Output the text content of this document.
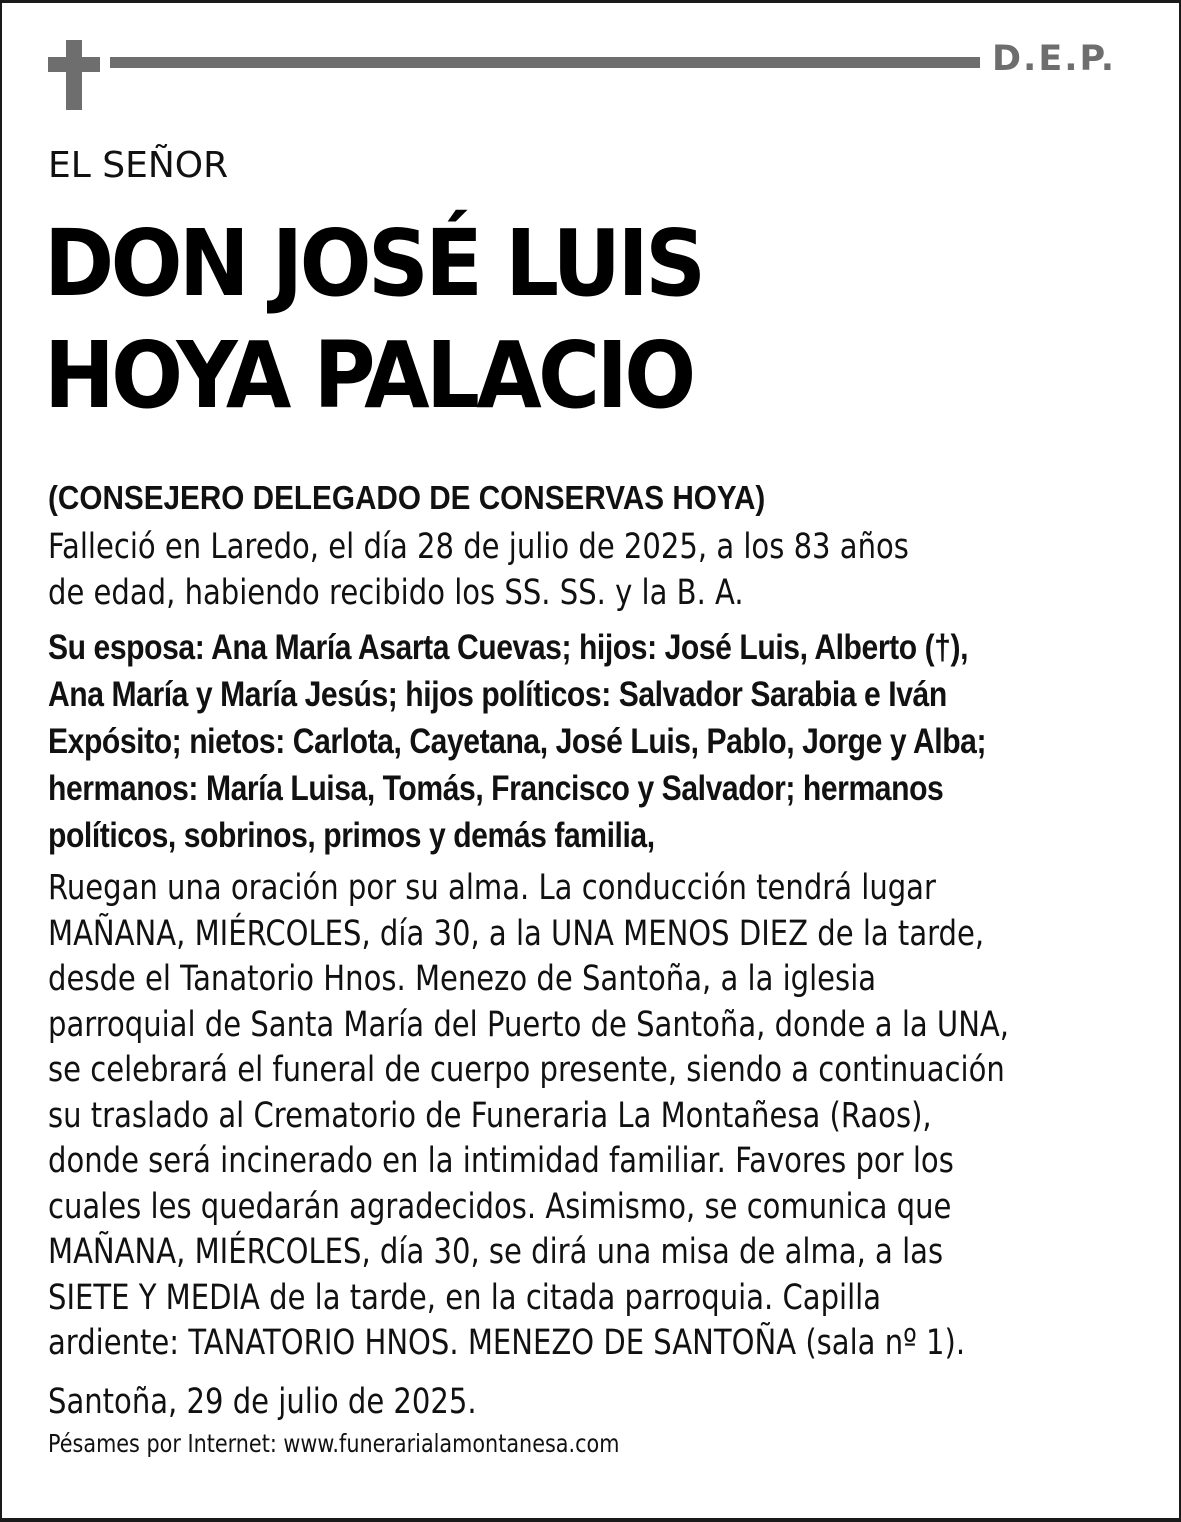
D.E.P.
EL SEÑOR
DON JOSÉ LUIS
HOYA PALACIO
(CONSEJERO DELEGADO DE CONSERVAS HOYA)
Falleció en Laredo, el día 28 de julio de 2025, a los 83 años
de edad, habiendo recibido los SS. SS. y la B. A.
Su esposa: Ana María Asarta Cuevas; hijos: José Luis, Alberto (†),
Ana María y María Jesús; hijos políticos: Salvador Sarabia e Iván
Expósito; nietos: Carlota, Cayetana, José Luis, Pablo, Jorge y Alba;
hermanos: María Luisa, Tomás, Francisco y Salvador; hermanos
políticos, sobrinos, primos y demás familia,
Ruegan una oración por su alma. La conducción tendrá lugar
MAÑANA, MIÉRCOLES, día 30, a la UNA MENOS DIEZ de la tarde,
desde el Tanatorio Hnos. Menezo de Santoña, a la iglesia
parroquial de Santa María del Puerto de Santoña, donde a la UNA,
se celebrará el funeral de cuerpo presente, siendo a continuación
su traslado al Crematorio de Funeraria La Montañesa (Raos),
donde será incinerado en la intimidad familiar. Favores por los
cuales les quedarán agradecidos. Asimismo, se comunica que
MAÑANA, MIÉRCOLES, día 30, se dirá una misa de alma, a las
SIETE Y MEDIA de la tarde, en la citada parroquia. Capilla
ardiente: TANATORIO HNOS. MENEZO DE SANTOÑA (sala nº 1).
Santoña, 29 de julio de 2025.
Pésames por Internet: www.funerarialamontanesa.com
